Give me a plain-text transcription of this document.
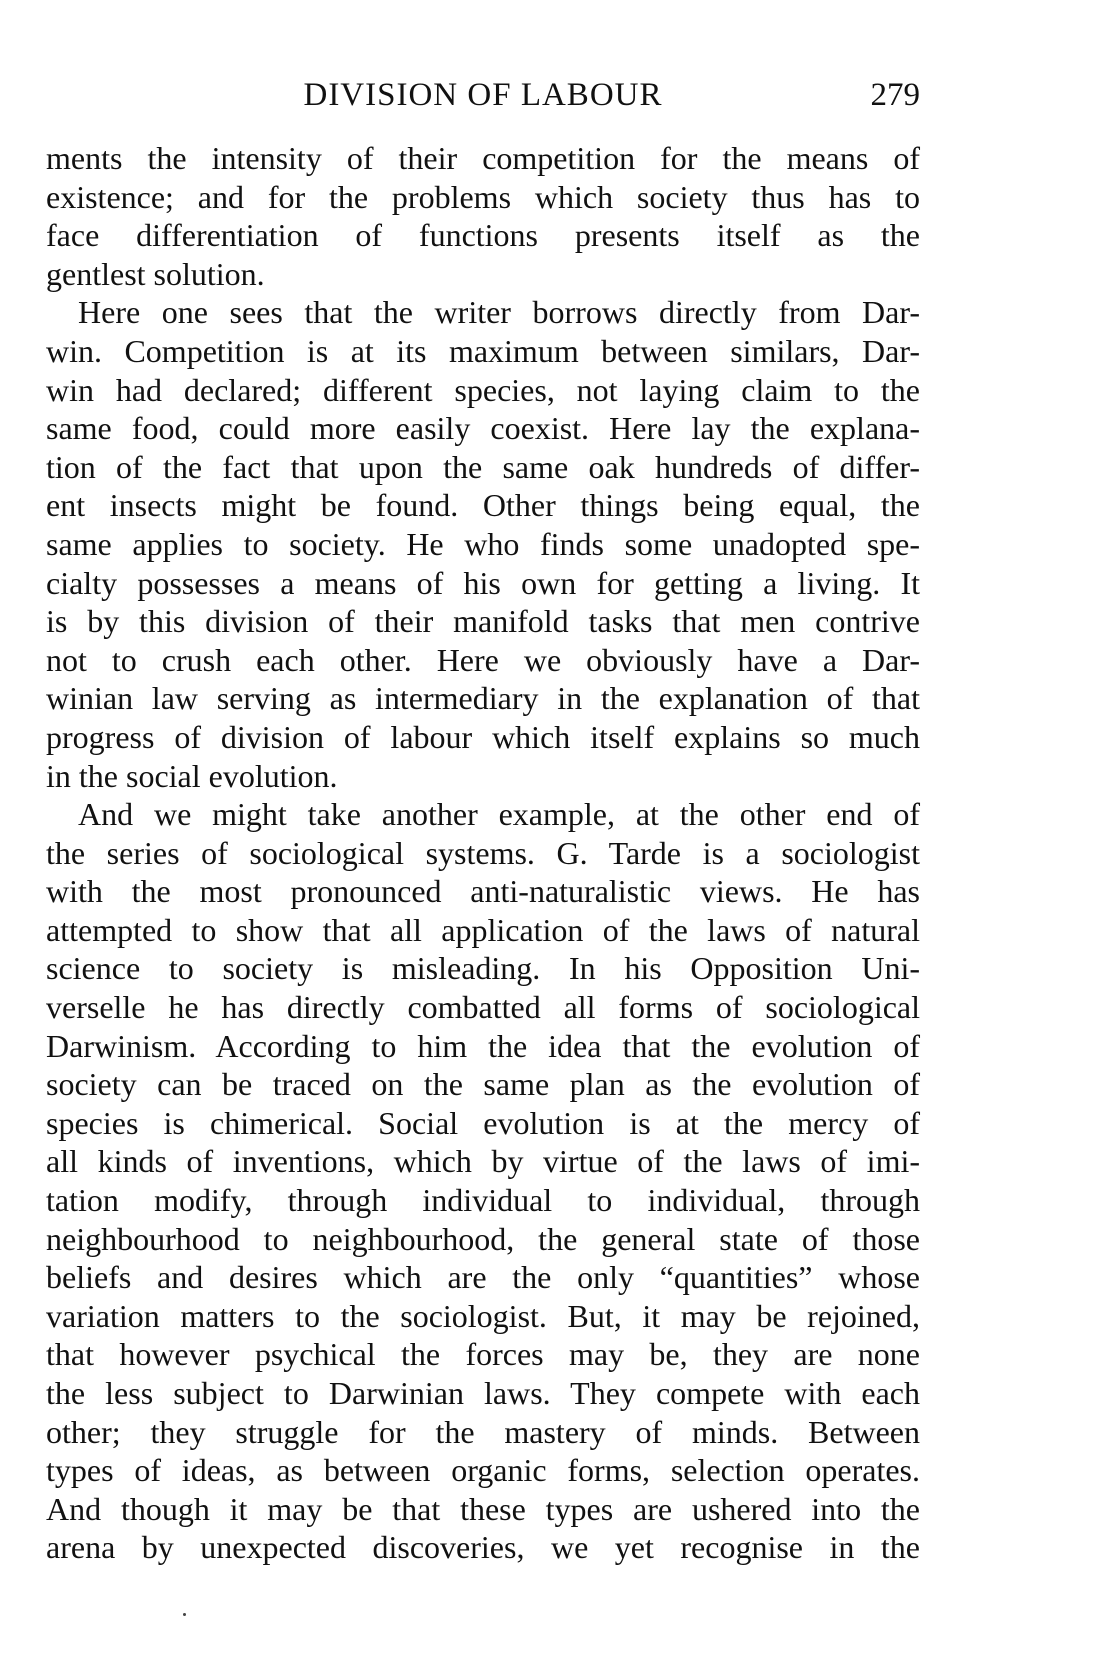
DIVISION OF LABOUR	279
ments the intensity of their competition for the means of
existence; and for the problems which society thus has to
face differentiation of functions presents itself as the
gentlest solution.
Here one sees that the writer borrows directly from Dar-
win. Competition is at its maximum between similars, Dar-
win had declared; different species, not laying claim to the
same food, could more easily coexist. Here lay the explana-
tion of the fact that upon the same oak hundreds of differ-
ent insects might be found. Other things being equal, the
same applies to society. He who finds some unadopted spe-
cialty possesses a means of his own for getting a living. It
is by this division of their manifold tasks that men contrive
not to crush each other. Here we obviously have a Dar-
winian law serving as intermediary in the explanation of that
progress of division of labour which itself explains so much
in the social evolution.
And we might take another example, at the other end of
the series of sociological systems. G. Tarde is a sociologist
with the most pronounced anti-naturalistic views. He has
attempted to show that all application of the laws of natural
science to society is misleading. In his Opposition Uni-
verselle he has directly combatted all forms of sociological
Darwinism. According to him the idea that the evolution of
society can be traced on the same plan as the evolution of
species is chimerical. Social evolution is at the mercy of
all kinds of inventions, which by virtue of the laws of imi-
tation modify, through individual to individual, through
neighbourhood to neighbourhood, the general state of those
beliefs and desires which are the only “quantities” whose
variation matters to the sociologist. But, it may be rejoined,
that however psychical the forces may be, they are none
the less subject to Darwinian laws. They compete with each
other; they struggle for the mastery of minds. Between
types of ideas, as between organic forms, selection operates.
And though it may be that these types are ushered into the
arena by unexpected discoveries, we yet recognise in the
